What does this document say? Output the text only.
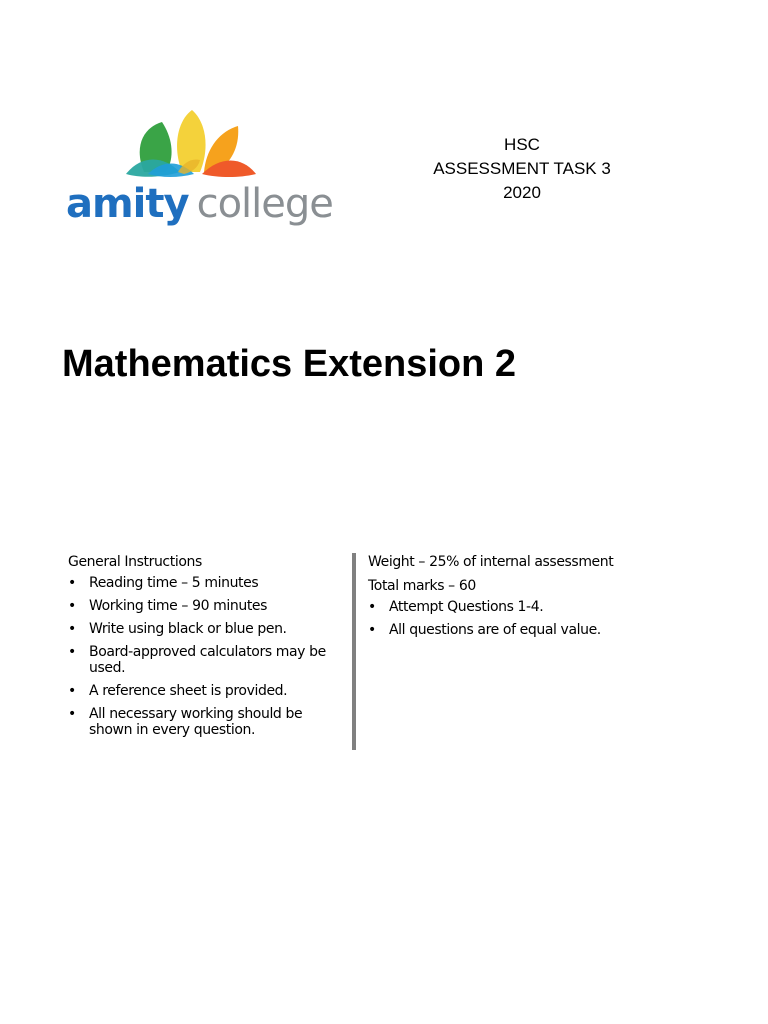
amity college
HSC
ASSESSMENT TASK 3
2020
Mathematics Extension 2
General Instructions
• Reading time – 5 minutes
• Working time – 90 minutes
• Write using black or blue pen.
• Board-approved calculators may be used.
• A reference sheet is provided.
• All necessary working should be shown in every question.
Weight – 25% of internal assessment
Total marks – 60
• Attempt Questions 1-4.
• All questions are of equal value.
